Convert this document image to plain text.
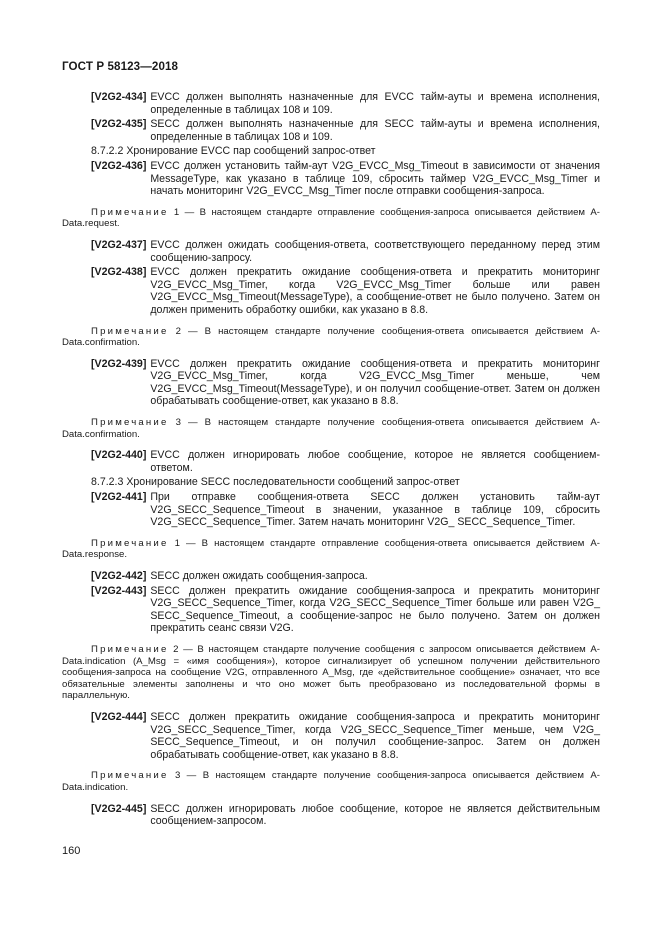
ГОСТ Р 58123—2018
[V2G2-434] EVCC должен выполнять назначенные для EVCC тайм-ауты и времена исполнения, определенные в таблицах 108 и 109.
[V2G2-435] SECC должен выполнять назначенные для SECC тайм-ауты и времена исполнения, определенные в таблицах 108 и 109.
8.7.2.2 Хронирование EVCC пар сообщений запрос-ответ
[V2G2-436] EVCC должен установить тайм-аут V2G_EVCC_Msg_Timeout в зависимости от значения MessageType, как указано в таблице 109, сбросить таймер V2G_EVCC_Msg_Timer и начать мониторинг V2G_EVCC_Msg_Timer после отправки сообщения-запроса.
Примечание 1 — В настоящем стандарте отправление сообщения-запроса описывается действием A-Data.request.
[V2G2-437] EVCC должен ожидать сообщения-ответа, соответствующего переданному перед этим сообщению-запросу.
[V2G2-438] EVCC должен прекратить ожидание сообщения-ответа и прекратить мониторинг V2G_EVCC_Msg_Timer, когда V2G_EVCC_Msg_Timer больше или равен V2G_EVCC_Msg_Timeout(MessageType), а сообщение-ответ не было получено. Затем он должен применить обработку ошибки, как указано в 8.8.
Примечание 2 — В настоящем стандарте получение сообщения-ответа описывается действием A-Data.confirmation.
[V2G2-439] EVCC должен прекратить ожидание сообщения-ответа и прекратить мониторинг V2G_EVCC_Msg_Timer, когда V2G_EVCC_Msg_Timer меньше, чем V2G_EVCC_Msg_Timeout(MessageType), и он получил сообщение-ответ. Затем он должен обрабатывать сообщение-ответ, как указано в 8.8.
Примечание 3 — В настоящем стандарте получение сообщения-ответа описывается действием A-Data.confirmation.
[V2G2-440] EVCC должен игнорировать любое сообщение, которое не является сообщением-ответом.
8.7.2.3 Хронирование SECC последовательности сообщений запрос-ответ
[V2G2-441] При отправке сообщения-ответа SECC должен установить тайм-аут V2G_SECC_Sequence_Timeout в значении, указанное в таблице 109, сбросить V2G_SECC_Sequence_Timer. Затем начать мониторинг V2G_ SECC_Sequence_Timer.
Примечание 1 — В настоящем стандарте отправление сообщения-ответа описывается действием A-Data.response.
[V2G2-442] SECC должен ожидать сообщения-запроса.
[V2G2-443] SECC должен прекратить ожидание сообщения-запроса и прекратить мониторинг V2G_SECC_Sequence_Timer, когда V2G_SECC_Sequence_Timer больше или равен V2G_ SECC_Sequence_Timeout, а сообщение-запрос не было получено. Затем он должен прекратить сеанс связи V2G.
Примечание 2 — В настоящем стандарте получение сообщения с запросом описывается действием A-Data.indication (A_Msg = «имя сообщения»), которое сигнализирует об успешном получении действительного сообщения-запроса на сообщение V2G, отправленного A_Msg, где «действительное сообщение» означает, что все обязательные элементы заполнены и что оно может быть преобразовано из последовательной формы в параллельную.
[V2G2-444] SECC должен прекратить ожидание сообщения-запроса и прекратить мониторинг V2G_SECC_Sequence_Timer, когда V2G_SECC_Sequence_Timer меньше, чем V2G_ SECC_Sequence_Timeout, и он получил сообщение-запрос. Затем он должен обрабатывать сообщение-ответ, как указано в 8.8.
Примечание 3 — В настоящем стандарте получение сообщения-запроса описывается действием A-Data.indication.
[V2G2-445] SECC должен игнорировать любое сообщение, которое не является действительным сообщением-запросом.
160
